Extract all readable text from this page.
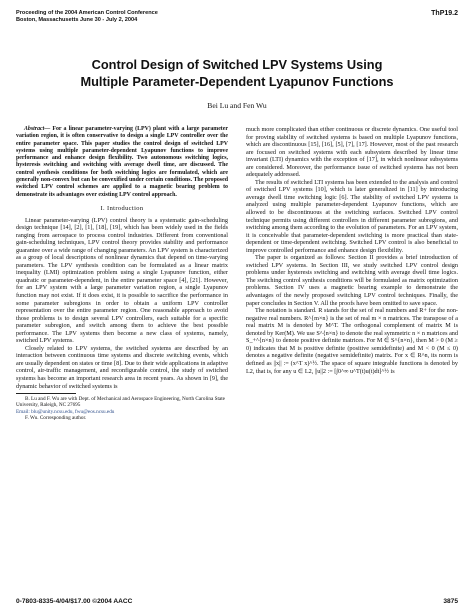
Proceeding of the 2004 American Control Conference
Boston, Massachusetts June 30 - July 2, 2004
ThP19.2
Control Design of Switched LPV Systems Using
Multiple Parameter-Dependent Lyapunov Functions
Bei Lu and Fen Wu

Abstract— For a linear parameter-varying (LPV) plant with a large parameter variation region, it is often conservative to design a single LPV controller over the entire parameter space. This paper studies the control design of switched LPV systems using multiple parameter-dependent Lyapunov functions to improve performance and enhance design flexibility. Two autonomous switching logics, hysteresis switching and switching with average dwell time, are discussed. The control synthesis conditions for both switching logics are formulated, which are generally non-convex but can be convexified under certain conditions. The proposed switched LPV control schemes are applied to a magnetic bearing problem to demonstrate its advantages over existing LPV control approach.

I. Introduction

Linear parameter-varying (LPV) control theory is a systematic gain-scheduling design technique [14], [2], [1], [18], [19], which has been widely used in the fields ranging from aerospace to process control industries. Different from conventional gain-scheduling techniques, LPV control theory provides stability and performance guarantee over a wide range of changing parameters. An LPV system is characterized as a group of local descriptions of nonlinear dynamics that depend on time-varying parameters. The LPV synthesis condition can be formulated as a linear matrix inequality (LMI) optimization problem using a single Lyapunov function, either quadratic or parameter-dependent, in the entire parameter space [4], [21]. However, for an LPV system with a large parameter variation region, a single Lyapunov function may not exist. If it does exist, it is possible to sacrifice the performance in some parameter subregions in order to obtain a uniform LPV controller representation over the entire parameter region. One reasonable approach to avoid those problems is to design several LPV controllers, each suitable for a specific parameter subregion, and switch among them to achieve the best possible performance. The LPV systems then become a new class of systems, namely, switched LPV systems.

Closely related to LPV systems, the switched systems are described by an interaction between continuous time systems and discrete switching events, which are usually dependent on states or time [8]. Due to their wide applications in adaptive control, air-traffic management, and reconfigurable control, the study of switched systems has become an important research area in recent years. As shown in [9], the dynamic behavior of switched systems is

B. Lu and F. Wu are with Dept. of Mechanical and Aerospace Engineering, North Carolina State University, Raleigh, NC 27695

Email: blu@unity.ncsu.edu, fwu@eos.ncsu.edu

F. Wu. Corresponding author.

much more complicated than either continuous or discrete dynamics. One useful tool for proving stability of switched systems is based on multiple Lyapunov functions, which are discontinuous [15], [16], [5], [7], [17]. However, most of the past research are focused on switched systems with each subsystem described by linear time invariant (LTI) dynamics with the exception of [17], in which nonlinear subsystems are considered. Moreover, the performance issue of switched systems has not been adequately addressed.

The results of switched LTI systems has been extended to the analysis and control of switched LPV systems [10], which is later generalized in [11] by introducing average dwell time switching logic [6]. The stability of switched LPV systems is analyzed using multiple parameter-dependent Lyapunov functions, which are allowed to be discontinuous at the switching surfaces. Switched LPV control technique permits using different controllers in different parameter subregions, and switching among them according to the evolution of parameters. For an LPV system, it is conceivable that parameter-dependent switching is more practical than state-dependent or time-dependent switching. Switched LPV control is also beneficial to improve controlled performance and enhance design flexibility.

The paper is organized as follows: Section II provides a brief introduction of switched LPV systems. In Section III, we study switched LPV control design problems under hysteresis switching and switching with average dwell time logics. The switching control synthesis conditions will be formulated as matrix optimization problems. Section IV uses a magnetic bearing example to demonstrate the advantages of the newly proposed switching LPV control techniques. Finally, the paper concludes in Section V. All the proofs have been omitted to save space.

The notation is standard. R stands for the set of real numbers and R+ for the non-negative real numbers. R^{m×n} is the set of real m × n matrices. The transpose of a real matrix M is denoted by M^T. The orthogonal complement of matrix M is denoted by Ker(M). We use S^{n×n} to denote the real symmetric n × n matrices and S_+^{n×n} to denote positive definite matrices. For M ∈ S^{n×n}, then M > 0 (M ≥ 0) indicates that M is positive definite (positive semidefinite) and M < 0 (M ≤ 0) denotes a negative definite (negative semidefinite) matrix. For x ∈ R^n, its norm is defined as ||x|| := (x^T x)^½. The space of square integrable functions is denoted by L2, that is, for any u ∈ L2, ||u||2 := [∫0^∞ u^T(t)u(t)dt]^½ is

0-7803-8335-4/04/$17.00 ©2004 AACC	3875
